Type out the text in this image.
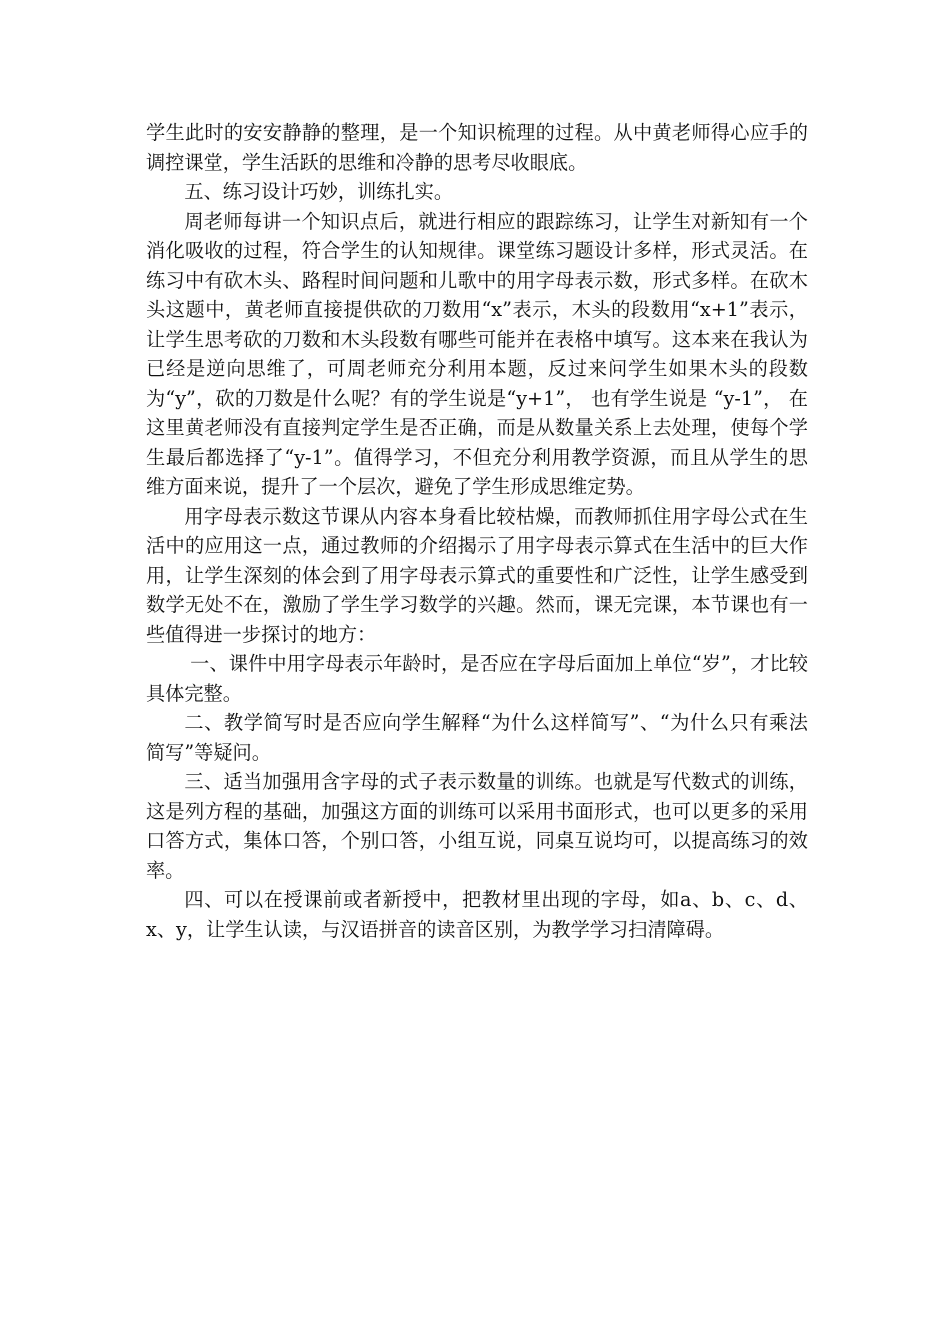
学生此时的安安静静的整理，是一个知识梳理的过程。从中黄老师得心应手的调控课堂，学生活跃的思维和冷静的思考尽收眼底。

五、练习设计巧妙，训练扎实。

周老师每讲一个知识点后，就进行相应的跟踪练习，让学生对新知有一个消化吸收的过程，符合学生的认知规律。课堂练习题设计多样，形式灵活。在练习中有砍木头、路程时间问题和儿歌中的用字母表示数，形式多样。在砍木头这题中，黄老师直接提供砍的刀数用“x”表示，木头的段数用“x+1”表示，让学生思考砍的刀数和木头段数有哪些可能并在表格中填写。这本来在我认为已经是逆向思维了，可周老师充分利用本题，反过来问学生如果木头的段数为“y”，砍的刀数是什么呢？有的学生说是“y+1”， 也有学生说是 “y-1”， 在这里黄老师没有直接判定学生是否正确，而是从数量关系上去处理，使每个学生最后都选择了“y-1”。值得学习，不但充分利用教学资源，而且从学生的思维方面来说，提升了一个层次，避免了学生形成思维定势。

用字母表示数这节课从内容本身看比较枯燥，而教师抓住用字母公式在生活中的应用这一点，通过教师的介绍揭示了用字母表示算式在生活中的巨大作用，让学生深刻的体会到了用字母表示算式的重要性和广泛性，让学生感受到数学无处不在，激励了学生学习数学的兴趣。然而，课无完课，本节课也有一些值得进一步探讨的地方：

一、课件中用字母表示年龄时，是否应在字母后面加上单位“岁”，才比较具体完整。

二、教学简写时是否应向学生解释“为什么这样简写”、“为什么只有乘法简写”等疑问。

三、适当加强用含字母的式子表示数量的训练。也就是写代数式的训练，这是列方程的基础，加强这方面的训练可以采用书面形式，也可以更多的采用口答方式，集体口答，个别口答，小组互说，同桌互说均可，以提高练习的效率。

四、可以在授课前或者新授中，把教材里出现的字母，如a、b、c、d、x、y，让学生认读，与汉语拼音的读音区别，为教学学习扫清障碍。
